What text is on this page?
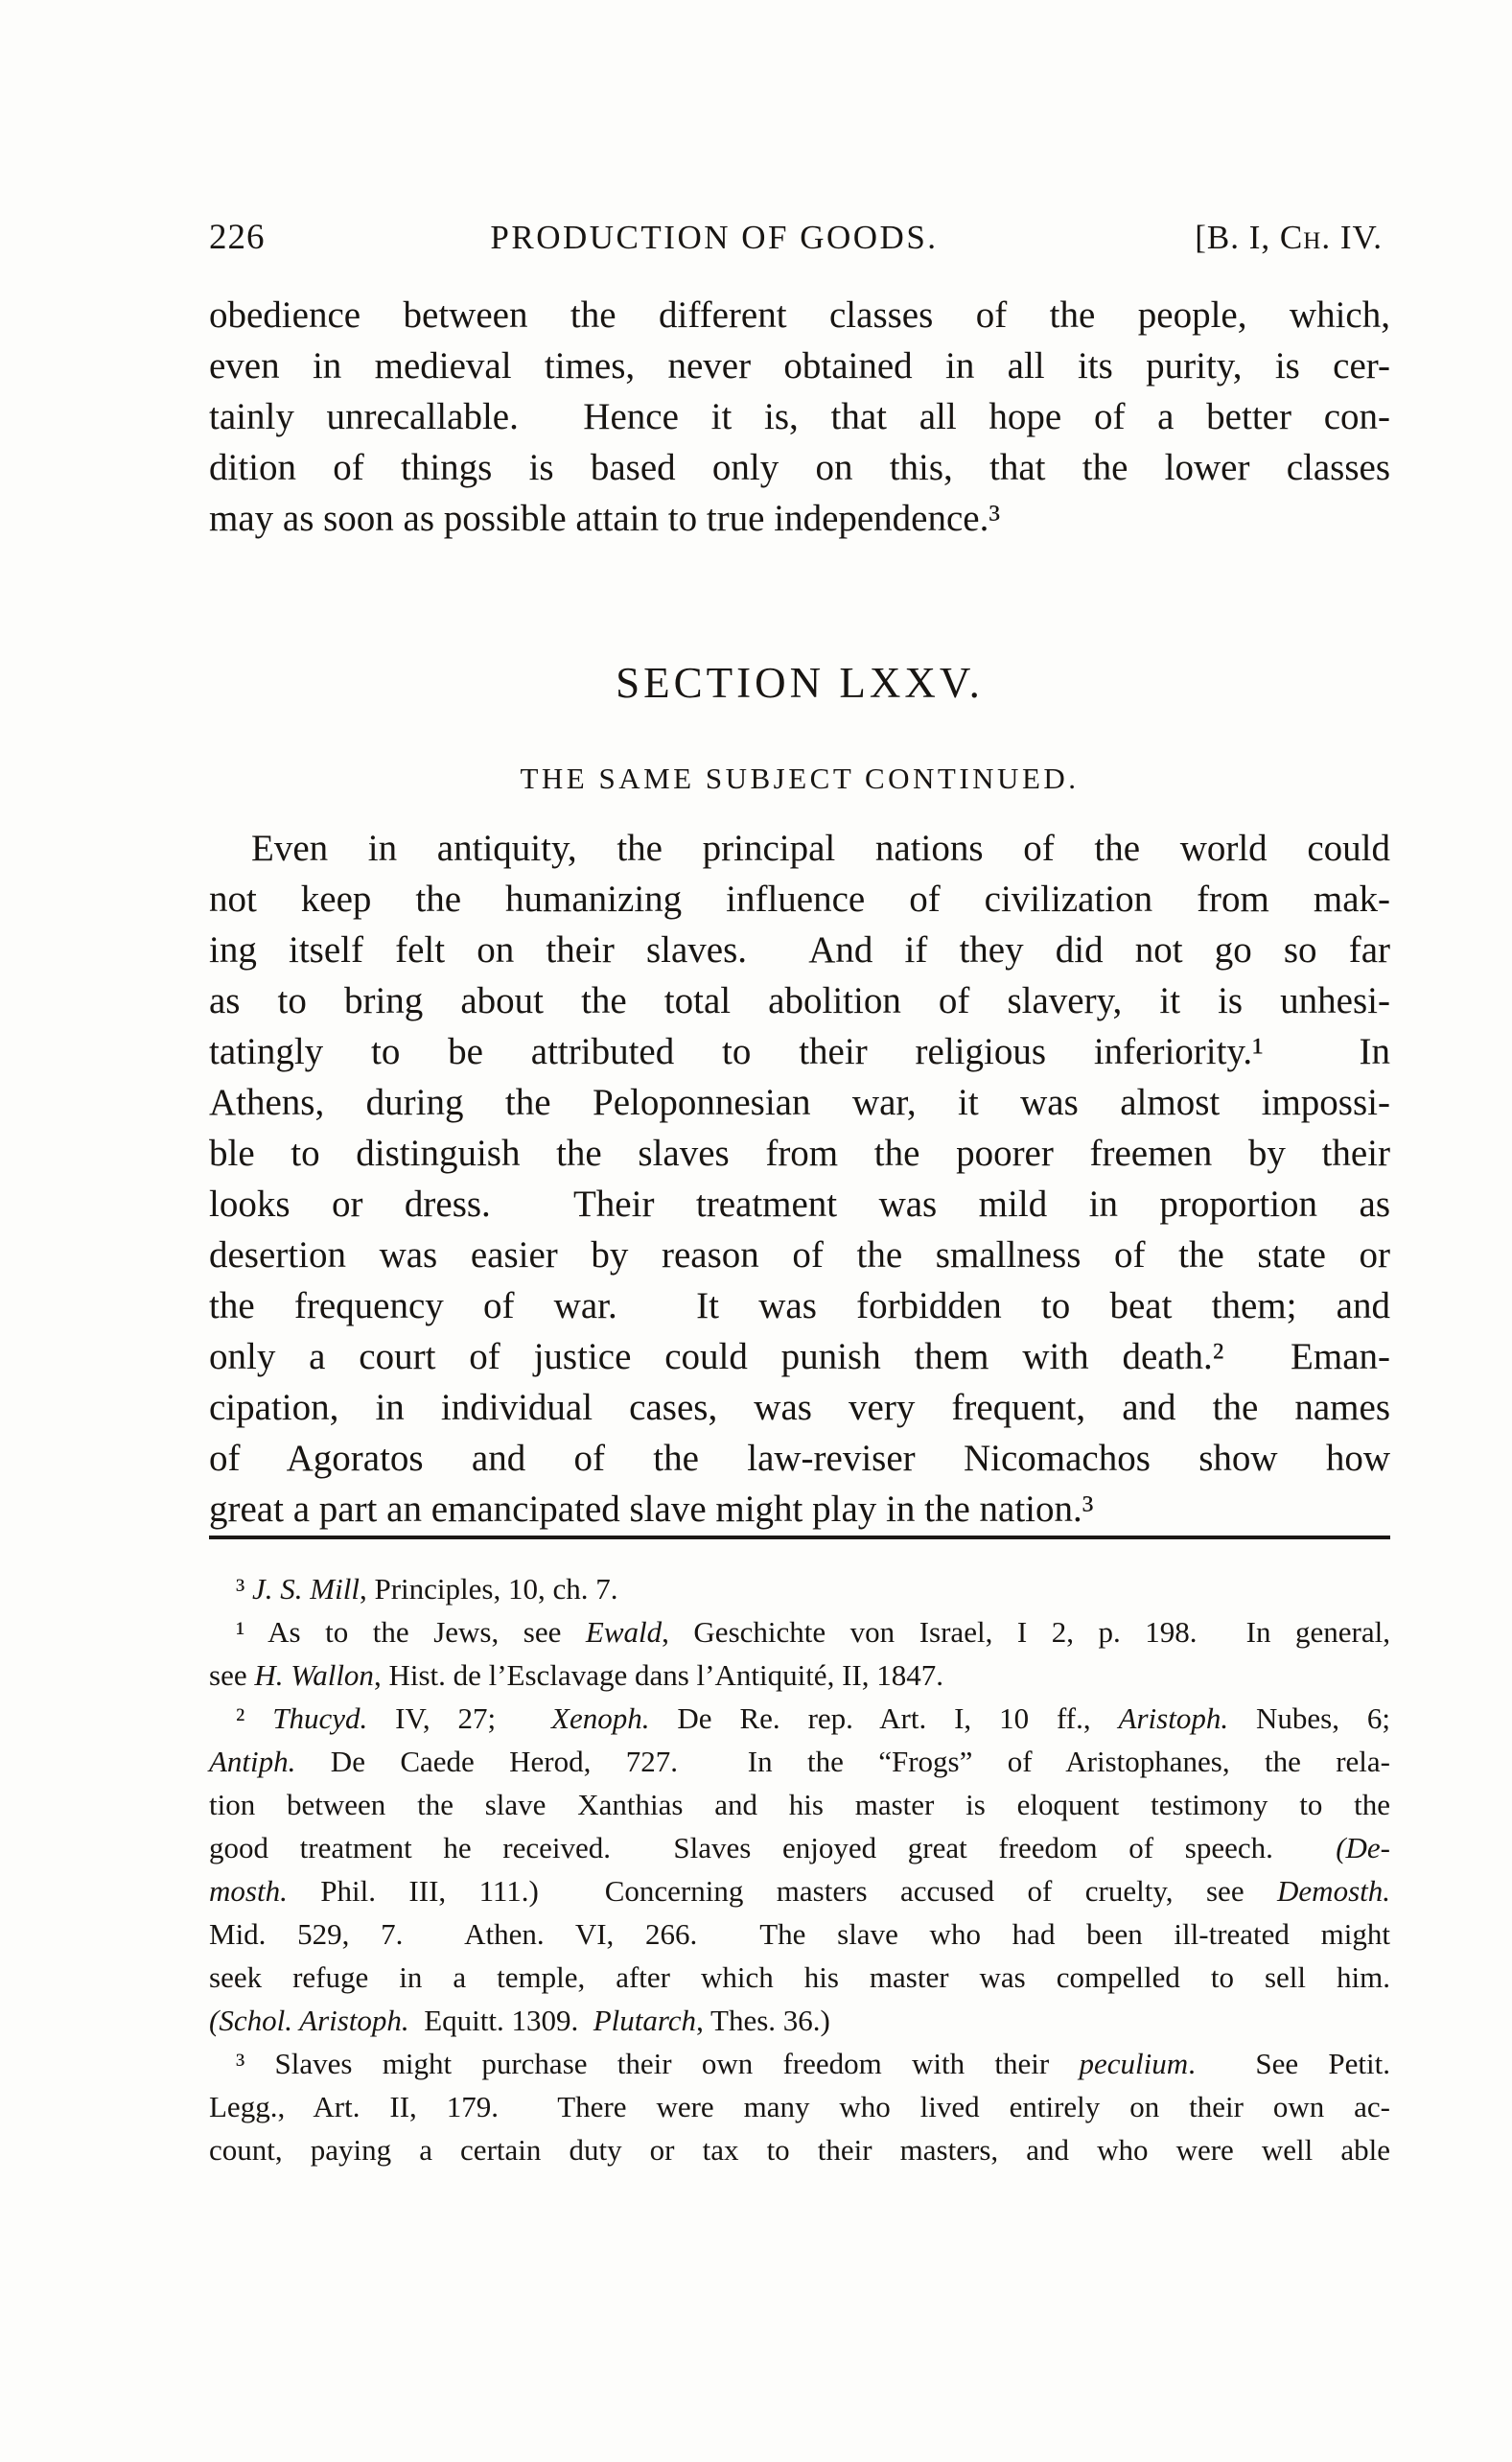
226	PRODUCTION OF GOODS.	[B. I, Ch. IV.
obedience between the different classes of the people, which,
even in medieval times, never obtained in all its purity, is cer-
tainly unrecallable.  Hence it is, that all hope of a better con-
dition of things is based only on this, that the lower classes
may as soon as possible attain to true independence.³
SECTION LXXV.
THE SAME SUBJECT CONTINUED.
Even in antiquity, the principal nations of the world could
not keep the humanizing influence of civilization from mak-
ing itself felt on their slaves.  And if they did not go so far
as to bring about the total abolition of slavery, it is unhesi-
tatingly to be attributed to their religious inferiority.¹  In
Athens, during the Peloponnesian war, it was almost impossi-
ble to distinguish the slaves from the poorer freemen by their
looks or dress.  Their treatment was mild in proportion as
desertion was easier by reason of the smallness of the state or
the frequency of war.  It was forbidden to beat them; and
only a court of justice could punish them with death.²  Eman-
cipation, in individual cases, was very frequent, and the names
of Agoratos and of the law-reviser Nicomachos show how
great a part an emancipated slave might play in the nation.³
³ J. S. Mill, Principles, 10, ch. 7.
¹ As to the Jews, see Ewald, Geschichte von Israel, I 2, p. 198.  In general,
see H. Wallon, Hist. de l’Esclavage dans l’Antiquité, II, 1847.
² Thucyd. IV, 27;  Xenoph. De Re. rep. Art. I, 10 ff., Aristoph. Nubes, 6;
Antiph. De Caede Herod, 727.  In the “Frogs” of Aristophanes, the rela-
tion between the slave Xanthias and his master is eloquent testimony to the
good treatment he received.  Slaves enjoyed great freedom of speech.  (De-
mosth. Phil. III, 111.)  Concerning masters accused of cruelty, see Demosth.
Mid. 529, 7.  Athen. VI, 266.  The slave who had been ill-treated might
seek refuge in a temple, after which his master was compelled to sell him.
(Schol. Aristoph.  Equitt. 1309.  Plutarch, Thes. 36.)
³ Slaves might purchase their own freedom with their peculium.  See Petit.
Legg., Art. II, 179.  There were many who lived entirely on their own ac-
count, paying a certain duty or tax to their masters, and who were well able
